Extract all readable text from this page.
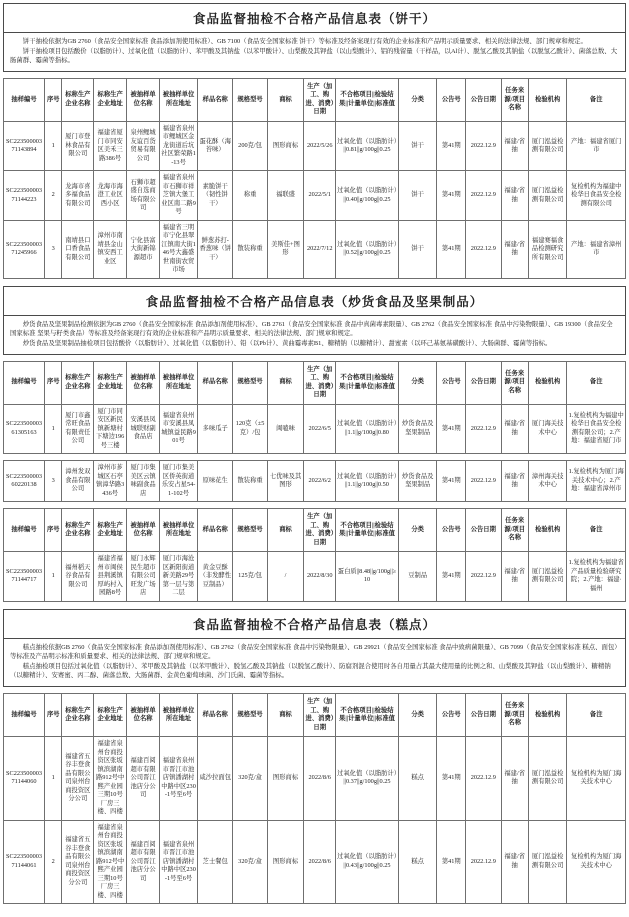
食品监督抽检不合格产品信息表（饼干）

饼干抽检依据为GB 2760（食品安全国家标准 食品添加剂使用标准）、GB 7100（食品安全国家标准 饼干）等标准及经备案现行有效的企业标准和产品明示质量要求、相关的法律法规、部门规章和规定。

饼干抽检项目包括酸价（以脂肪计）、过氧化值（以脂肪计）、苯甲酸及其钠盐（以苯甲酸计）、山梨酸及其钾盐（以山梨酸计）、铝的残留量（干样品，以Al计）、脱氢乙酸及其钠盐（以脱氢乙酸计）、菌落总数、大肠菌群、霉菌等指标。

抽样编号	序号	标称生产企业名称	标称生产企业地址	被抽样单位名称	被抽样单位所在地址	样品名称	规格型号	商标	生产（加工、购进、消费）日期	不合格项目||检验结果||计量单位||标准值	分类	公告号	公告日期	任务来源/项目名称	检验机构	备注
SC22350000371143894	1	厦门市登林食品有限公司	福建省厦门市同安区美禾三路386号	泉州鲤城友谊百货贸易有限公司	福建省泉州市鲤城区金龙街道后坑社区繁荣路1-13号	蛋花酥（海苔味）	200克/包	图形商标	2022/5/26	过氧化值（以脂肪计）||0.81||g/100g||0.25	饼干	第41期	2022.12.9	福建/省抽	厦门泓益检测有限公司	产地：福建省厦门市
SC22350000371144223	2	龙海市喜多福食品有限公司	龙海市海澄工业区西小区	石狮市超盛自选商场有限公司	福建省泉州市石狮市祥芝镇大堡工业区南二路9号	素脆饼干（韧性饼干）	称重	福联盛	2022/5/1	过氧化值（以脂肪计）||0.40||g/100g||0.25	饼干	第41期	2022.12.9	福建/省抽	厦门泓益检测有限公司	复检机构为福建中检华日食品安全检测有限公司
SC22350000371245966	3	南靖县口口香食品有限公司	漳州市南靖县金山镇安西工业区	宁化县富大街新锦源超市	福建省三明市宁化县翠江镇南大街146号大鑫盛世南街农贸市场	鲜葱苏打-香葱味（饼干）	散装称重	美斯佳+图形	2022/7/12	过氧化值（以脂肪计）||0.52||g/100g||0.25	饼干	第41期	2022.12.9	福建/省抽	福建赛福食品检测研究所有限公司	产地：福建省漳州市
食品监督抽检不合格产品信息表（炒货食品及坚果制品）

炒货食品及坚果制品检测依据为GB 2760（食品安全国家标准 食品添加剂使用标准）、GB 2761（食品安全国家标准 食品中真菌毒素限量）、GB 2762（食品安全国家标准 食品中污染物限量）、GB 19300（食品安全国家标准 坚果与籽类食品）等标准及经备案现行有效的企业标准和产品明示质量要求、相关的法律法规、部门规章和规定。

炒货食品及坚果制品抽检项目包括酸价（以脂肪计）、过氧化值（以脂肪计）、铅（以Pb计）、黄曲霉毒素B1、糖精钠（以糖精计）、甜蜜素（以环己基氨基磺酸计）、大肠菌群、霉菌等指标。

抽样编号	序号	标称生产企业名称	标称生产企业地址	被抽样单位名称	被抽样单位所在地址	样品名称	规格型号	商标	生产（加工、购进、消费）日期	不合格项目||检验结果||计量单位||标准值	分类	公告号	公告日期	任务来源/项目名称	检验机构	备注
SC22350000361305163	1	厦门市鑫常旺食品有限责任公司	厦门市同安区新民镇新塘村下塘边196号三楼	安溪县凤城联财副食品店	福建省泉州市安溪县凤城镇益民路901号	多味瓜子	120克（±5克）/包	闽嗑味	2022/6/5	过氧化值（以脂肪计）||1.1||g/100g||0.80	炒货食品及坚果制品	第41期	2022.12.9	福建/省抽	厦门海关技术中心	1.复检机构为福建中检华日食品安全检测有限公司；2.产地：福建省厦门市
SC22350000360220138	3	漳州发双食品有限公司	漳州市芗城区石亭镇漳华路3436号	厦门市集美区云镇味副食品店	厦门市集美区侨英街道乐安占星54-1-102号	原味花生	散装称重	七优味及其图形	2022/6/2	过氧化值（以脂肪计）||1.1||g/100g||0.50	炒货食品及坚果制品	第41期	2022.12.9	福建/省抽	漳州海关技术中心	1.复检机构为厦门海关技术中心；2.产地：福建省漳州市
抽样编号	序号	标称生产企业名称	标称生产企业地址	被抽样单位名称	被抽样单位所在地址	样品名称	规格型号	商标	生产（加工、购进、消费）日期	不合格项目||检验结果||计量单位||标准值	分类	公告号	公告日期	任务来源/项目名称	检验机构	备注
SC22350000371144717	1	福州稻天谷食品有限公司	福建省福州市闽侯县荆溪镇厚屿村入园路8号	厦门永辉民生超市有限公司旺发广场店	厦门市海沧区新阳街道新美路29号第一层与第二层	黄金豆酥（非发酵性豆制品）	125克/包	/	2022/8/30	蛋白质||8.48||g/100g||≥10	豆制品	第41期	2022.12.9	福建/省抽	厦门泓益检测有限公司	1.复检机构为福建省产品质量检验研究院；2.产地：福建·福州
食品监督抽检不合格产品信息表（糕点）

糕点抽检依据GB 2760（食品安全国家标准 食品添加剂使用标准）、GB 2762（食品安全国家标准 食品中污染物限量）、GB 29921（食品安全国家标准 食品中致病菌限量）、GB 7099（食品安全国家标准 糕点、面包）等标准及产品明示标准和质量要求、相关的法律法规、部门规章和规定。

糕点抽检项目包括过氧化值（以脂肪计）、苯甲酸及其钠盐（以苯甲酸计）、脱氢乙酸及其钠盐（以脱氢乙酸计）、防腐剂混合使用时各自用量占其最大使用量的比例之和、山梨酸及其钾盐（以山梨酸计）、糖精钠（以糖精计）、安赛蜜、丙二醇、菌落总数、大肠菌群、金黄色葡萄球菌、沙门氏菌、霉菌等指标。

抽样编号	序号	标称生产企业名称	标称生产企业地址	被抽样单位名称	被抽样单位所在地址	样品名称	规格型号	商标	生产（加工、购进、消费）日期	不合格项目||检验结果||计量单位||标准值	分类	公告号	公告日期	任务来源/项目名称	检验机构	备注
SC22350000371144060	1	福建省五谷丰登食品有限公司泉州台商投资区分公司	福建省泉州台商投资区张坂镇滨湖南路912号中熙产业园三期10号厂房三楼、四楼	福建百阅超市有限公司晋江池店分公司	福建省泉州市晋江市池店镇潘湖村中路中区230-1号至6号	咸沙拉面包	320克/盒	图形商标	2022/8/6	过氧化值（以脂肪计）||0.37||g/100g||0.25	糕点	第41期	2022.12.9	福建/省抽	厦门泓益检测有限公司	复检机构为厦门海关技术中心
SC22350000371144061	2	福建省五谷丰登食品有限公司泉州台商投资区分公司	福建省泉州台商投资区张坂镇滨湖南路912号中熙产业园三期10号厂房三楼、四楼	福建百阅超市有限公司晋江池店分公司	福建省泉州市晋江市池店镇潘湖村中路中区230-1号至6号	芝士餐包	320克/盒	图形商标	2022/8/6	过氧化值（以脂肪计）||0.43||g/100g||0.25	糕点	第41期	2022.12.9	福建/省抽	厦门泓益检测有限公司	复检机构为厦门海关技术中心
